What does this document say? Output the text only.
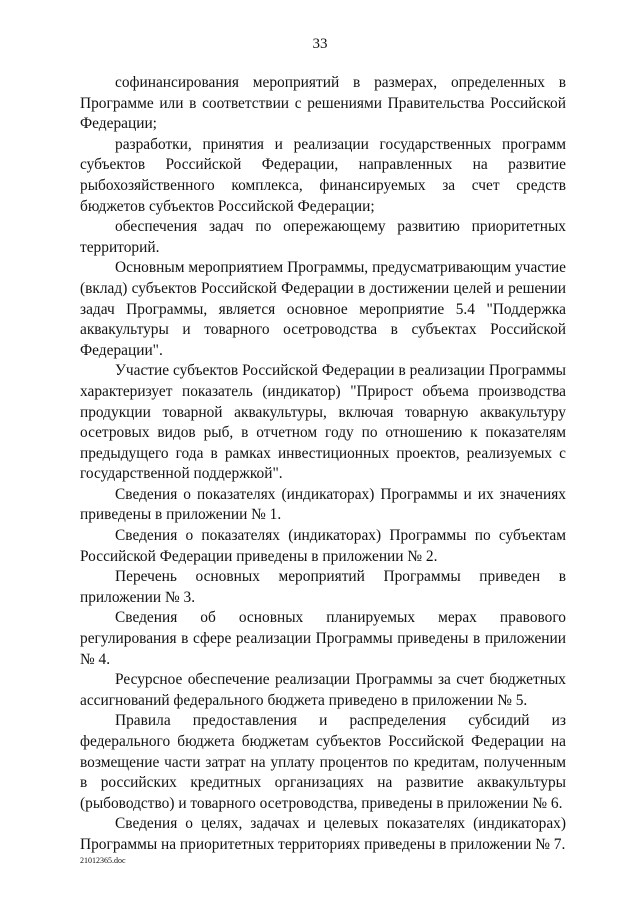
33

софинансирования мероприятий в размерах, определенных в Программе или в соответствии с решениями Правительства Российской Федерации;

разработки, принятия и реализации государственных программ субъектов Российской Федерации, направленных на развитие рыбохозяйственного комплекса, финансируемых за счет средств бюджетов субъектов Российской Федерации;

обеспечения задач по опережающему развитию приоритетных территорий.

Основным мероприятием Программы, предусматривающим участие (вклад) субъектов Российской Федерации в достижении целей и решении задач Программы, является основное мероприятие 5.4 "Поддержка аквакультуры и товарного осетроводства в субъектах Российской Федерации".

Участие субъектов Российской Федерации в реализации Программы характеризует показатель (индикатор) "Прирост объема производства продукции товарной аквакультуры, включая товарную аквакультуру осетровых видов рыб, в отчетном году по отношению к показателям предыдущего года в рамках инвестиционных проектов, реализуемых с государственной поддержкой".

Сведения о показателях (индикаторах) Программы и их значениях приведены в приложении № 1.

Сведения о показателях (индикаторах) Программы по субъектам Российской Федерации приведены в приложении № 2.

Перечень основных мероприятий Программы приведен в приложении № 3.

Сведения об основных планируемых мерах правового регулирования в сфере реализации Программы приведены в приложении № 4.

Ресурсное обеспечение реализации Программы за счет бюджетных ассигнований федерального бюджета приведено в приложении № 5.

Правила предоставления и распределения субсидий из федерального бюджета бюджетам субъектов Российской Федерации на возмещение части затрат на уплату процентов по кредитам, полученным в российских кредитных организациях на развитие аквакультуры (рыбоводство) и товарного осетроводства, приведены в приложении № 6.

Сведения о целях, задачах и целевых показателях (индикаторах) Программы на приоритетных территориях приведены в приложении № 7.

21012365.doc
